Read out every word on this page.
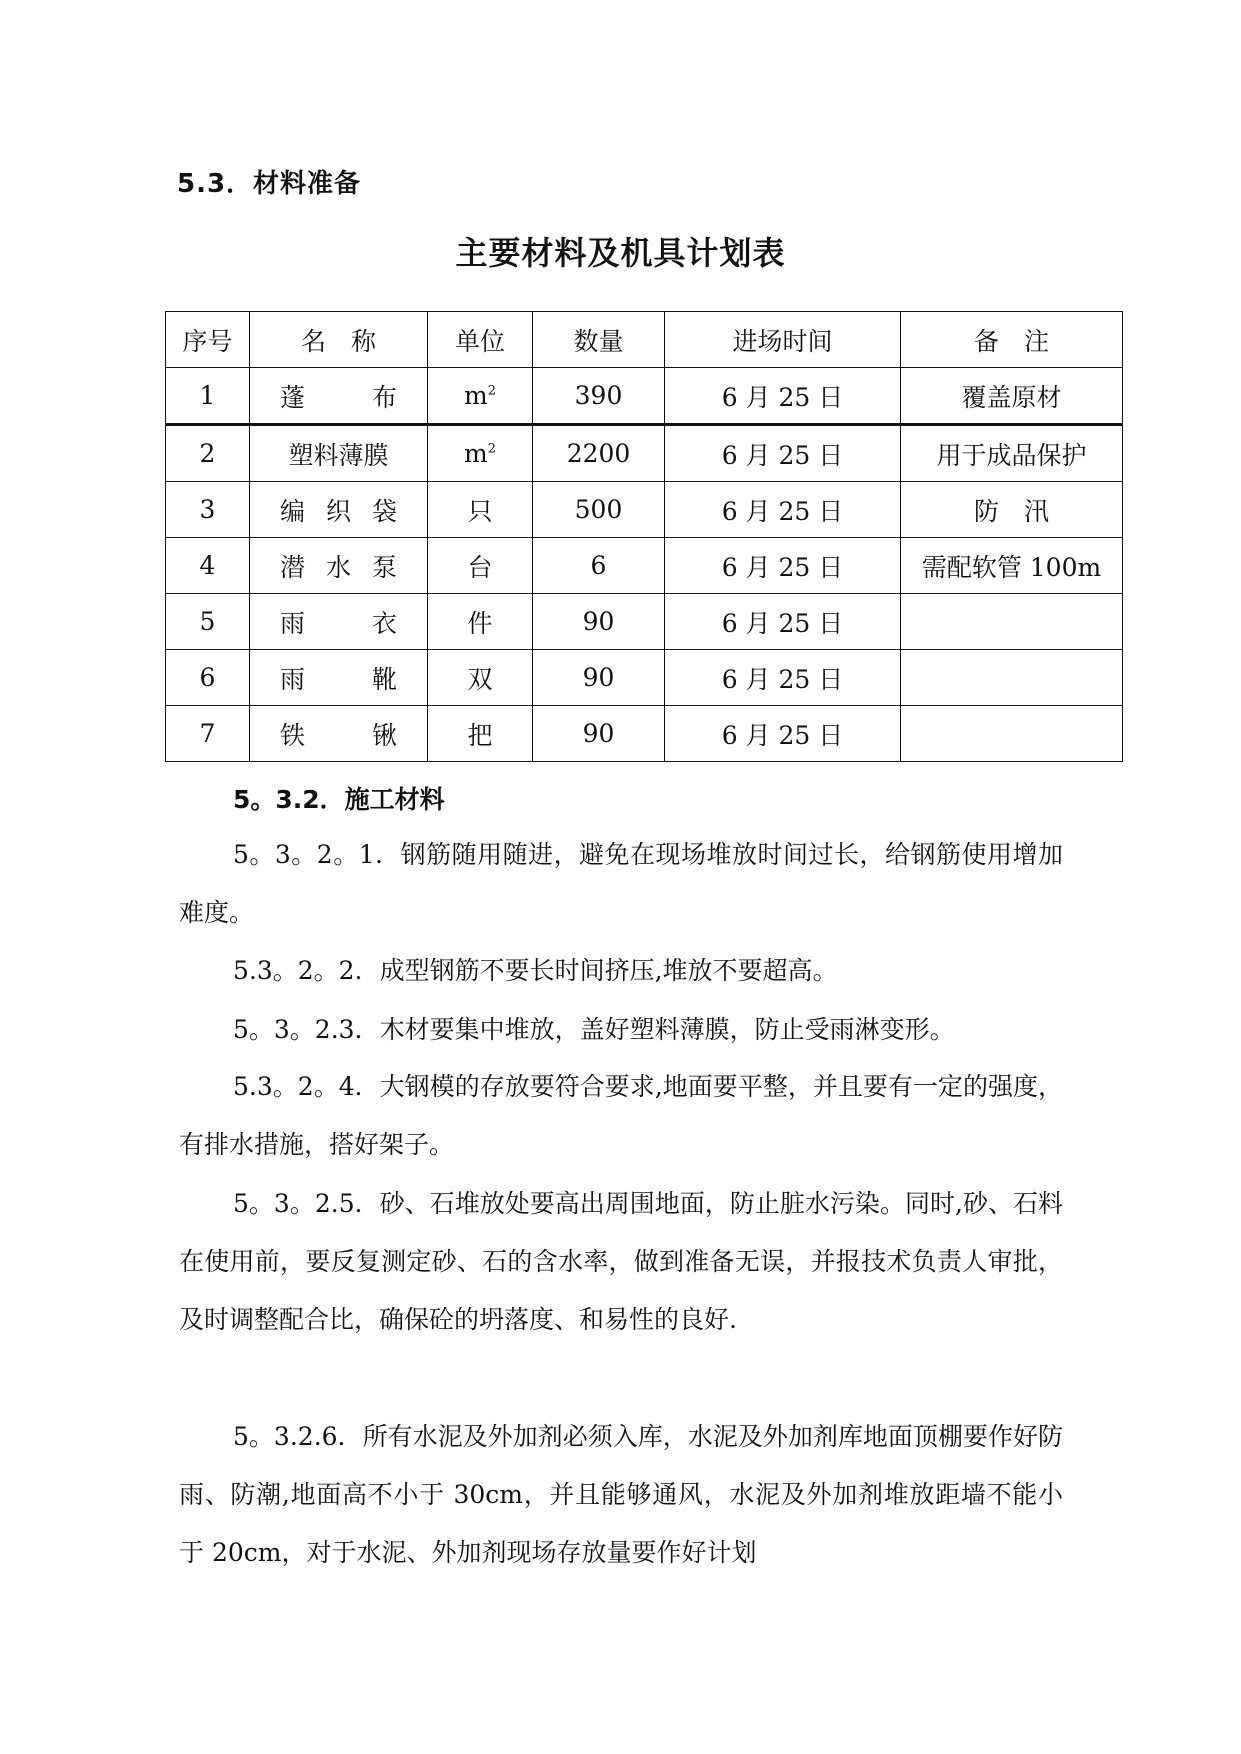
5.3．材料准备
主要材料及机具计划表
序号	名　称	单位	数量	进场时间	备　注
1	蓬 布	$m^2$	390	6 月 25 日	覆盖原材
2	塑料薄膜	$m^2$	2200	6 月 25 日	用于成品保护
3	编 织 袋	只	500	6 月 25 日	防　汛
4	潜 水 泵	台	6	6 月 25 日	需配软管 100m
5	雨 衣	件	90	6 月 25 日	
6	雨 靴	双	90	6 月 25 日	
7	铁 锹	把	90	6 月 25 日	
5。3.2．施工材料
5。3。2。1．钢筋随用随进，避免在现场堆放时间过长，给钢筋使用增加难度。
5.3。2。2．成型钢筋不要长时间挤压,堆放不要超高。
5。3。2.3．木材要集中堆放，盖好塑料薄膜，防止受雨淋变形。
5.3。2。4．大钢模的存放要符合要求,地面要平整，并且要有一定的强度，有排水措施，搭好架子。
5。3。2.5．砂、石堆放处要高出周围地面，防止脏水污染。同时,砂、石料在使用前，要反复测定砂、石的含水率，做到准备无误，并报技术负责人审批，及时调整配合比，确保砼的坍落度、和易性的良好.
5。3.2.6．所有水泥及外加剂必须入库，水泥及外加剂库地面顶棚要作好防雨、防潮,地面高不小于 30cm，并且能够通风，水泥及外加剂堆放距墙不能小于 20cm，对于水泥、外加剂现场存放量要作好计划
